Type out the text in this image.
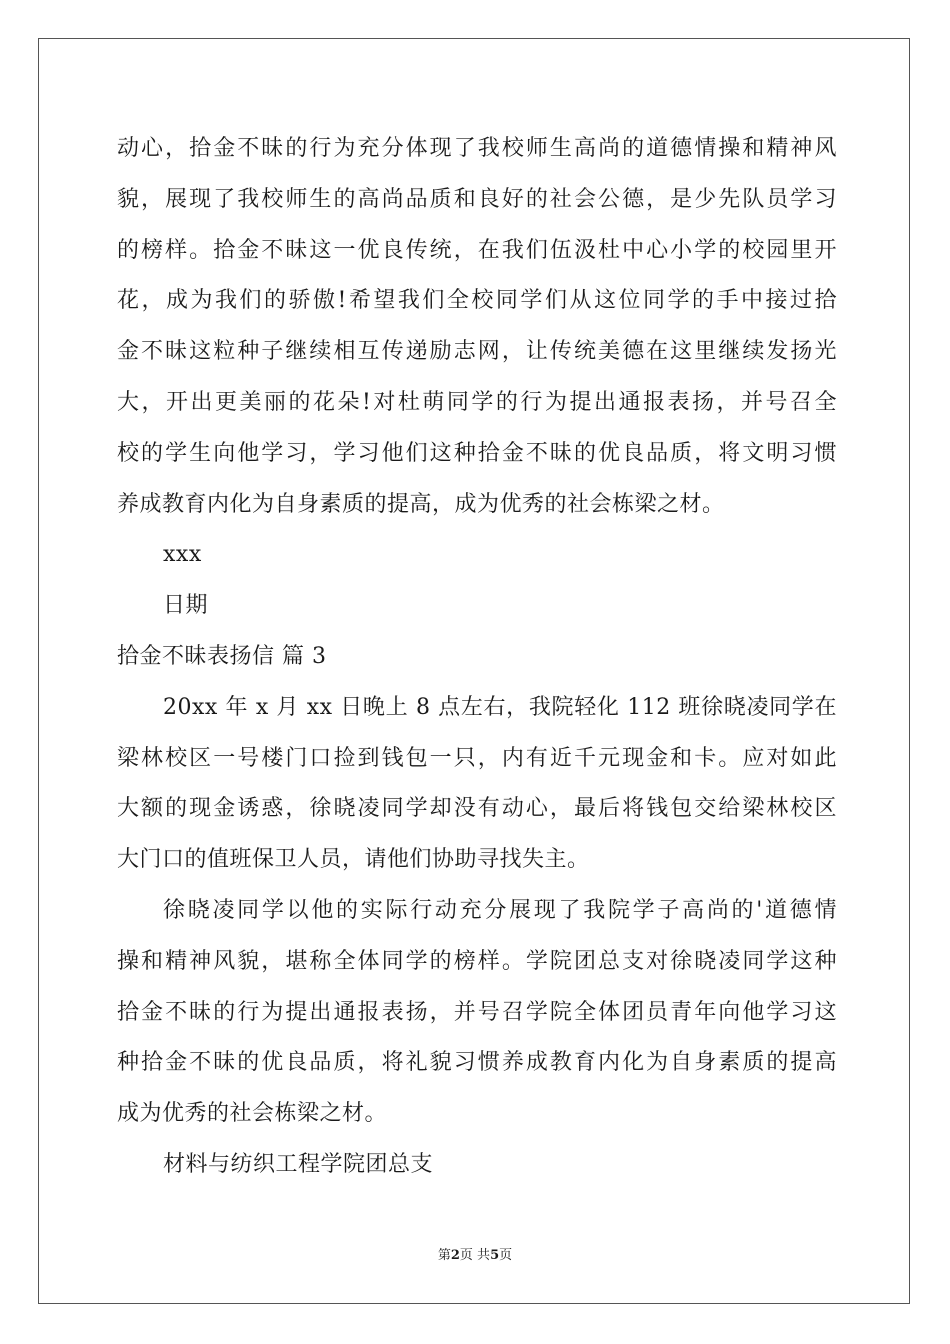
动心，拾金不昧的行为充分体现了我校师生高尚的道德情操和精神风
貌，展现了我校师生的高尚品质和良好的社会公德，是少先队员学习
的榜样。拾金不昧这一优良传统，在我们伍汲杜中心小学的校园里开
花，成为我们的骄傲!希望我们全校同学们从这位同学的手中接过拾
金不昧这粒种子继续相互传递励志网，让传统美德在这里继续发扬光
大，开出更美丽的花朵!对杜萌同学的行为提出通报表扬，并号召全
校的学生向他学习，学习他们这种拾金不昧的优良品质，将文明习惯
养成教育内化为自身素质的提高，成为优秀的社会栋梁之材。
xxx
日期
拾金不昧表扬信 篇 3
20xx 年 x 月 xx 日晚上 8 点左右，我院轻化 112 班徐晓凌同学在
梁林校区一号楼门口捡到钱包一只，内有近千元现金和卡。应对如此
大额的现金诱惑，徐晓凌同学却没有动心，最后将钱包交给梁林校区
大门口的值班保卫人员，请他们协助寻找失主。
徐晓凌同学以他的实际行动充分展现了我院学子高尚的'道德情
操和精神风貌，堪称全体同学的榜样。学院团总支对徐晓凌同学这种
拾金不昧的行为提出通报表扬，并号召学院全体团员青年向他学习这
种拾金不昧的优良品质，将礼貌习惯养成教育内化为自身素质的提高
成为优秀的社会栋梁之材。
材料与纺织工程学院团总支
第2页 共5页
